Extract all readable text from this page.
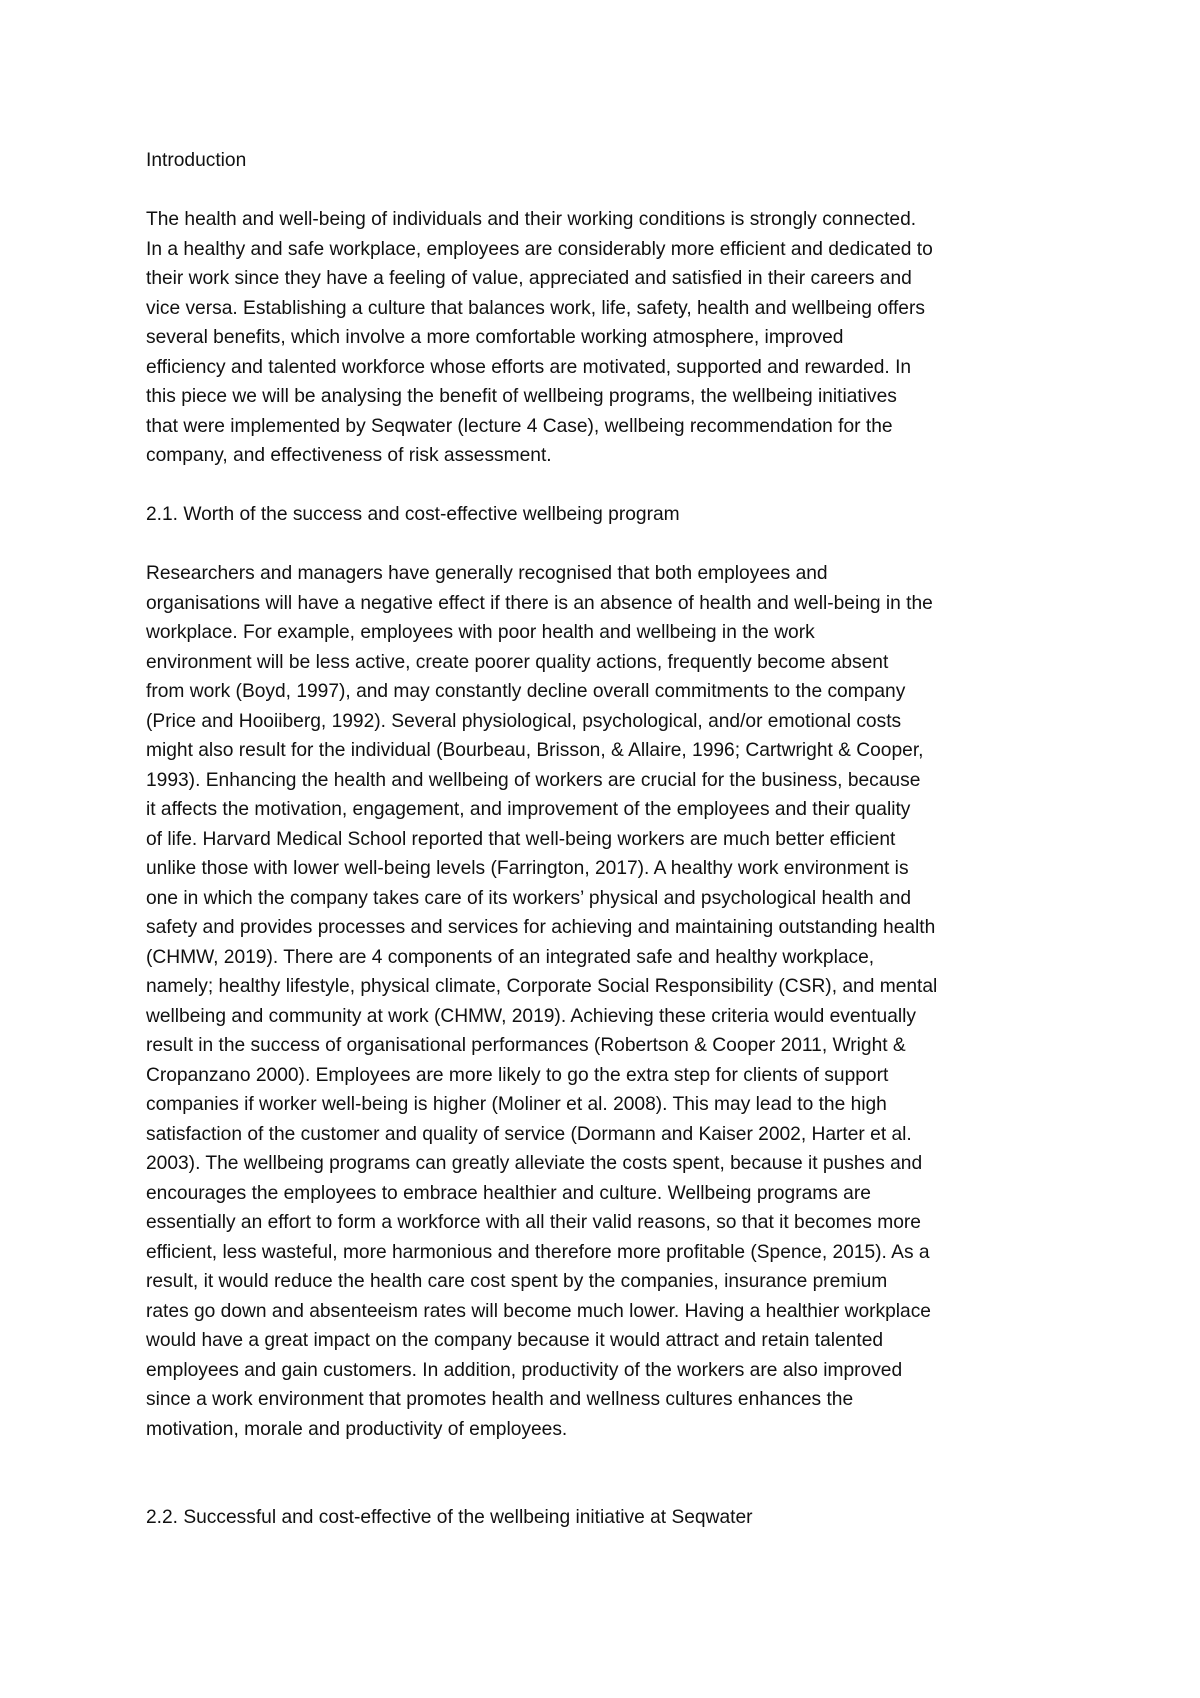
Introduction

The health and well-being of individuals and their working conditions is strongly connected.

In a healthy and safe workplace, employees are considerably more efficient and dedicated to

their work since they have a feeling of value, appreciated and satisfied in their careers and

vice versa. Establishing a culture that balances work, life, safety, health and wellbeing offers

several benefits, which involve a more comfortable working atmosphere, improved

efficiency and talented workforce whose efforts are motivated, supported and rewarded. In

this piece we will be analysing the benefit of wellbeing programs, the wellbeing initiatives

that were implemented by Seqwater (lecture 4 Case), wellbeing recommendation for the

company, and effectiveness of risk assessment.

2.1. Worth of the success and cost-effective wellbeing program

Researchers and managers have generally recognised that both employees and

organisations will have a negative effect if there is an absence of health and well-being in the

workplace. For example, employees with poor health and wellbeing in the work

environment will be less active, create poorer quality actions, frequently become absent

from work (Boyd, 1997), and may constantly decline overall commitments to the company

(Price and Hooiiberg, 1992). Several physiological, psychological, and/or emotional costs

might also result for the individual (Bourbeau, Brisson, & Allaire, 1996; Cartwright & Cooper,

1993). Enhancing the health and wellbeing of workers are crucial for the business, because

it affects the motivation, engagement, and improvement of the employees and their quality

of life. Harvard Medical School reported that well-being workers are much better efficient

unlike those with lower well-being levels (Farrington, 2017). A healthy work environment is

one in which the company takes care of its workers’ physical and psychological health and

safety and provides processes and services for achieving and maintaining outstanding health

(CHMW, 2019). There are 4 components of an integrated safe and healthy workplace,

namely; healthy lifestyle, physical climate, Corporate Social Responsibility (CSR), and mental

wellbeing and community at work (CHMW, 2019). Achieving these criteria would eventually

result in the success of organisational performances (Robertson & Cooper 2011, Wright &

Cropanzano 2000). Employees are more likely to go the extra step for clients of support

companies if worker well-being is higher (Moliner et al. 2008). This may lead to the high

satisfaction of the customer and quality of service (Dormann and Kaiser 2002, Harter et al.

2003). The wellbeing programs can greatly alleviate the costs spent, because it pushes and

encourages the employees to embrace healthier and culture. Wellbeing programs are

essentially an effort to form a workforce with all their valid reasons, so that it becomes more

efficient, less wasteful, more harmonious and therefore more profitable (Spence, 2015). As a

result, it would reduce the health care cost spent by the companies, insurance premium

rates go down and absenteeism rates will become much lower. Having a healthier workplace

would have a great impact on the company because it would attract and retain talented

employees and gain customers. In addition, productivity of the workers are also improved

since a work environment that promotes health and wellness cultures enhances the

motivation, morale and productivity of employees.

2.2. Successful and cost-effective of the wellbeing initiative at Seqwater
